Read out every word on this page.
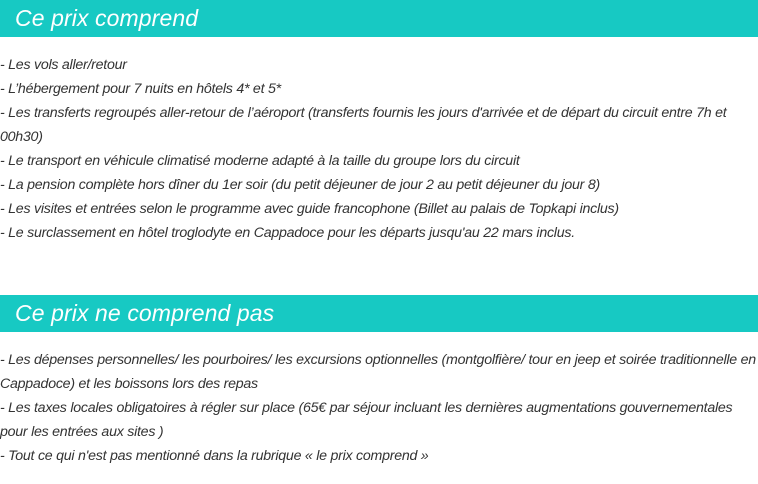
Ce prix comprend
- Les vols aller/retour
- L’hébergement pour 7 nuits en hôtels 4* et 5*
- Les transferts regroupés aller-retour de l’aéroport (transferts fournis les jours d'arrivée et de départ du circuit entre 7h et 00h30)
- Le transport en véhicule climatisé moderne adapté à la taille du groupe lors du circuit
- La pension complète hors dîner du 1er soir (du petit déjeuner de jour 2 au petit déjeuner du jour 8)
- Les visites et entrées selon le programme avec guide francophone (Billet au palais de Topkapi inclus)
- Le surclassement en hôtel troglodyte en Cappadoce pour les départs jusqu'au 22 mars inclus.
Ce prix ne comprend pas
- Les dépenses personnelles/ les pourboires/ les excursions optionnelles (montgolfière/ tour en jeep et soirée traditionnelle en Cappadoce) et les boissons lors des repas
- Les taxes locales obligatoires à régler sur place (65€ par séjour incluant les dernières augmentations gouvernementales pour les entrées aux sites )
- Tout ce qui n'est pas mentionné dans la rubrique « le prix comprend »
